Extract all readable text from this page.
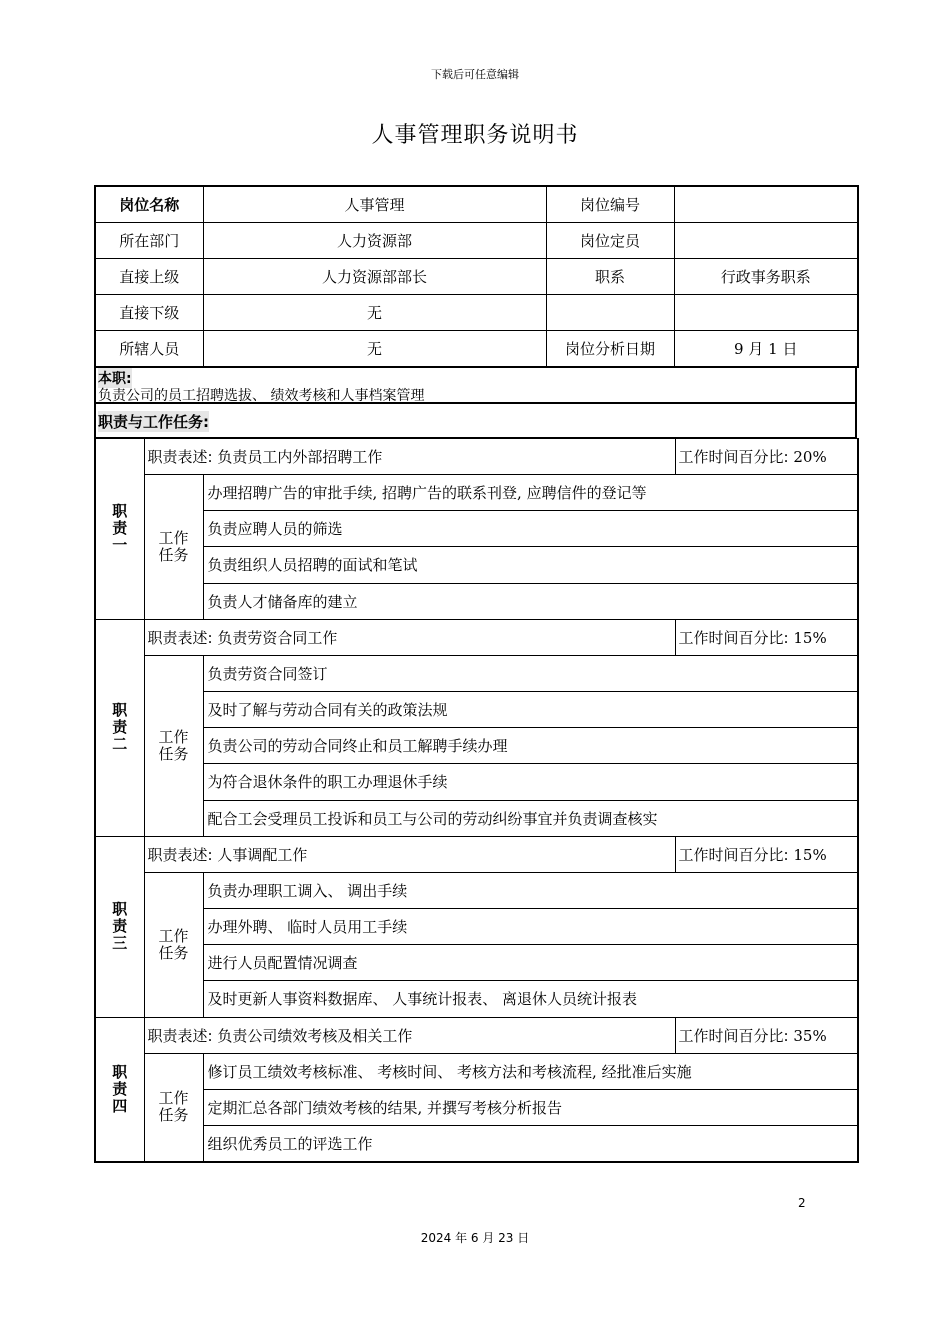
下载后可任意编辑
人事管理职务说明书
岗位名称	人事管理	岗位编号	
所在部门	人力资源部	岗位定员	
直接上级	人力资源部部长	职系	行政事务职系
直接下级	无		
所辖人员	无	岗位分析日期	9 月 1 日
本职:
负责公司的员工招聘选拔、 绩效考核和人事档案管理
职责与工作任务:
职责一	职责表述: 负责员工内外部招聘工作		工作时间百分比: 20%
	工作任务	办理招聘广告的审批手续, 招聘广告的联系刊登, 应聘信件的登记等	
		负责应聘人员的筛选	
		负责组织人员招聘的面试和笔试	
		负责人才储备库的建立	
职责二	职责表述: 负责劳资合同工作		工作时间百分比: 15%
	工作任务	负责劳资合同签订	
		及时了解与劳动合同有关的政策法规	
		负责公司的劳动合同终止和员工解聘手续办理	
		为符合退休条件的职工办理退休手续	
		配合工会受理员工投诉和员工与公司的劳动纠纷事宜并负责调查核实	
职责三	职责表述: 人事调配工作		工作时间百分比: 15%
	工作任务	负责办理职工调入、 调出手续	
		办理外聘、 临时人员用工手续	
		进行人员配置情况调查	
		及时更新人事资料数据库、 人事统计报表、 离退休人员统计报表	
职责四	职责表述: 负责公司绩效考核及相关工作		工作时间百分比: 35%
	工作任务	修订员工绩效考核标准、 考核时间、 考核方法和考核流程, 经批准后实施	
		定期汇总各部门绩效考核的结果, 并撰写考核分析报告	
		组织优秀员工的评选工作	
2
2024 年 6 月 23 日
